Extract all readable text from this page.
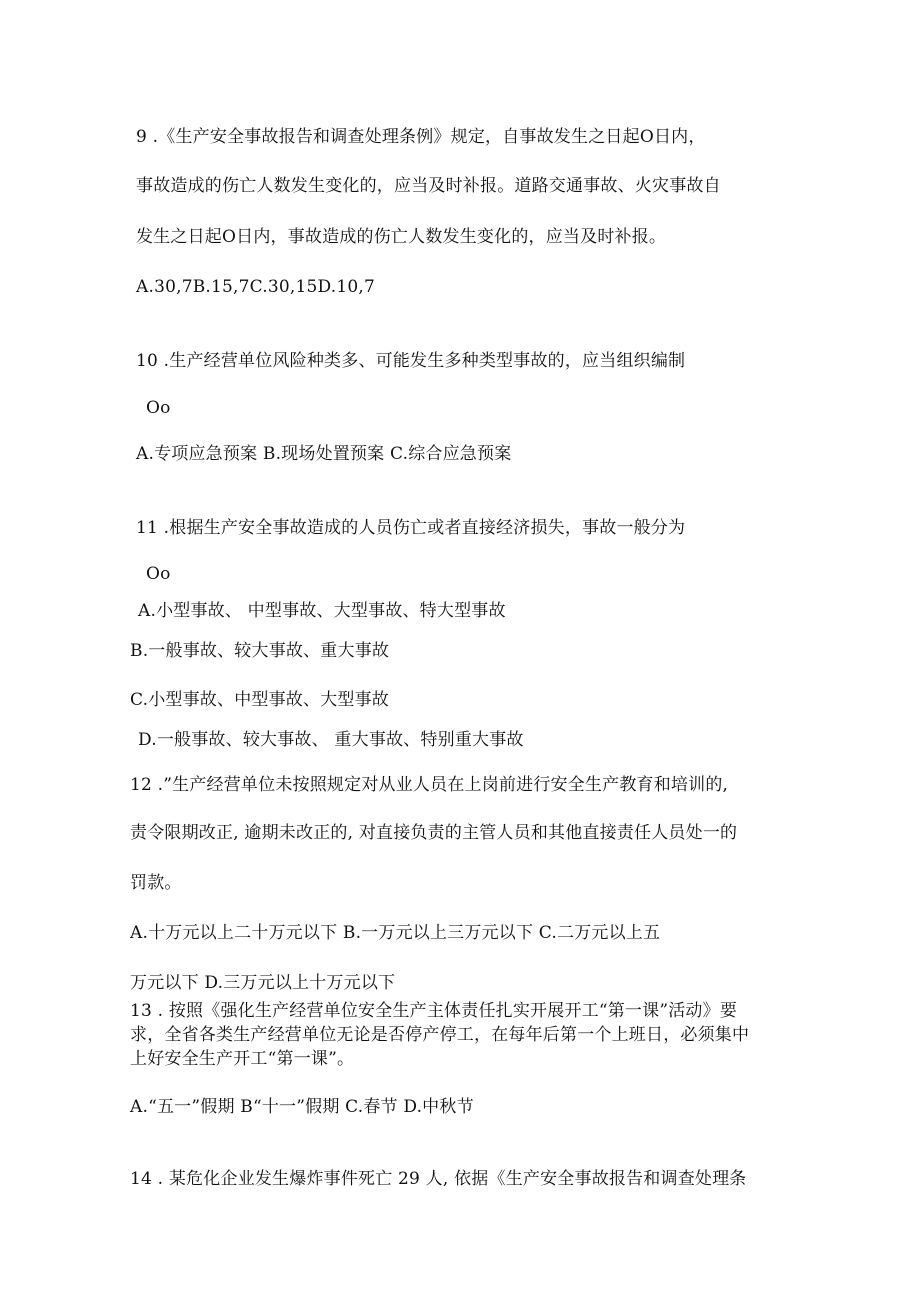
9 .《生产安全事故报告和调查处理条例》规定，自事故发生之日起O日内，
事故造成的伤亡人数发生变化的，应当及时补报。道路交通事故、火灾事故自
发生之日起O日内，事故造成的伤亡人数发生变化的，应当及时补报。
A.30,7B.15,7C.30,15D.10,7
10 .生产经营单位风险种类多、可能发生多种类型事故的，应当组织编制
Oo
A.专项应急预案 B.现场处置预案 C.综合应急预案
11 .根据生产安全事故造成的人员伤亡或者直接经济损失，事故一般分为
Oo
A.小型事故、 中型事故、大型事故、特大型事故
B.一般事故、较大事故、重大事故
C.小型事故、中型事故、大型事故
D.一般事故、较大事故、 重大事故、特别重大事故
12 .”生产经营单位未按照规定对从业人员在上岗前进行安全生产教育和培训的,
责令限期改正, 逾期未改正的, 对直接负责的主管人员和其他直接责任人员处一的
罚款。
A.十万元以上二十万元以下 B.一万元以上三万元以下 C.二万元以上五
万元以下 D.三万元以上十万元以下
13 . 按照《强化生产经营单位安全生产主体责任扎实开展开工“第一课”活动》要
求，全省各类生产经营单位无论是否停产停工，在每年后第一个上班日，必须集中
上好安全生产开工“第一课”。
A.“五一”假期 B“十一”假期 C.春节 D.中秋节
14 . 某危化企业发生爆炸事件死亡 29 人, 依据《生产安全事故报告和调查处理条
